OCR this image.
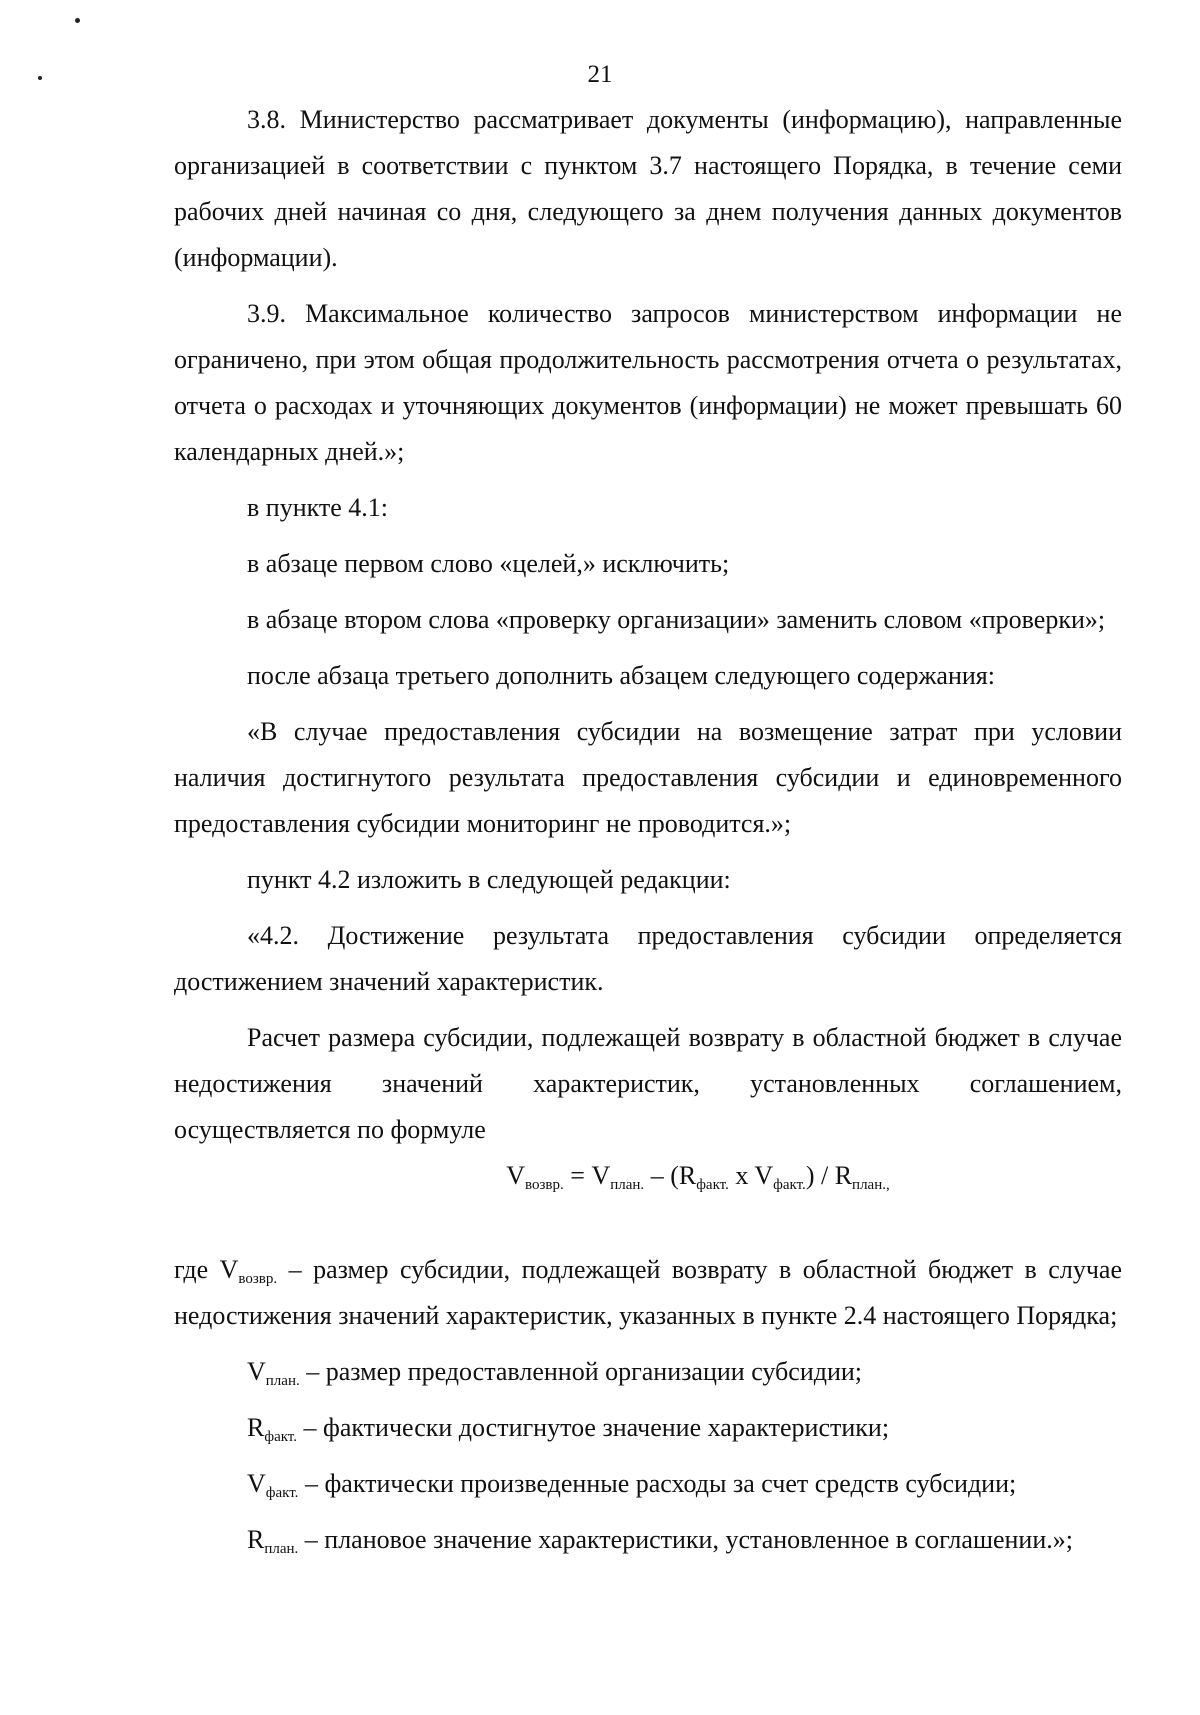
21

3.8. Министерство рассматривает документы (информацию), направленные организацией в соответствии с пунктом 3.7 настоящего Порядка, в течение семи рабочих дней начиная со дня, следующего за днем получения данных документов (информации).

3.9. Максимальное количество запросов министерством информации не ограничено, при этом общая продолжительность рассмотрения отчета о результатах, отчета о расходах и уточняющих документов (информации) не может превышать 60 календарных дней.»;

в пункте 4.1:

в абзаце первом слово «целей,» исключить;

в абзаце втором слова «проверку организации» заменить словом «проверки»;

после абзаца третьего дополнить абзацем следующего содержания:

«В случае предоставления субсидии на возмещение затрат при условии наличия достигнутого результата предоставления субсидии и единовременного предоставления субсидии мониторинг не проводится.»;

пункт 4.2 изложить в следующей редакции:

«4.2. Достижение результата предоставления субсидии определяется достижением значений характеристик.

Расчет размера субсидии, подлежащей возврату в областной бюджет в случае недостижения значений характеристик, установленных соглашением, осуществляется по формуле

$V_{возвр.} = V_{план.} - (R_{факт.}$ x $V_{факт.}) / R_{план.,}$

где $V_{возвр.}$ – размер субсидии, подлежащей возврату в областной бюджет в случае недостижения значений характеристик, указанных в пункте 2.4 настоящего Порядка;

$V_{план.}$ – размер предоставленной организации субсидии;

$R_{факт.}$ – фактически достигнутое значение характеристики;

$V_{факт.}$ – фактически произведенные расходы за счет средств субсидии;

$R_{план.}$ – плановое значение характеристики, установленное в соглашении.»;
